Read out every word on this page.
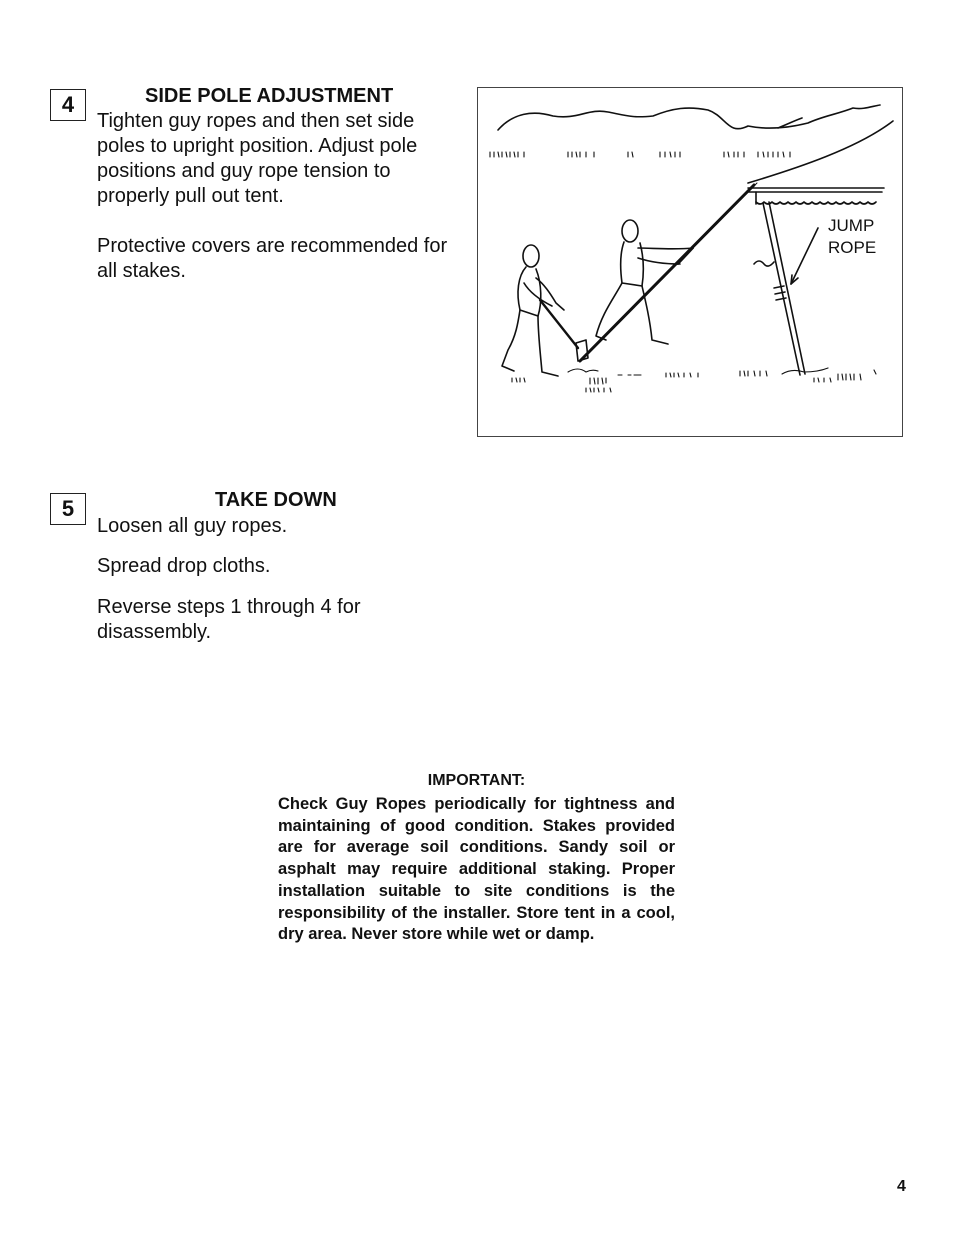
4	SIDE POLE ADJUSTMENT

Tighten guy ropes and then set side poles to upright position. Adjust pole positions and guy rope tension to properly pull out tent.

Protective covers are recommended for all stakes.

JUMP
ROPE
5	TAKE DOWN

Loosen all guy ropes.

Spread drop cloths.

Reverse steps 1 through 4 for disassembly.

IMPORTANT:

Check Guy Ropes periodically for tightness and maintaining of good condition. Stakes provided are for average soil conditions. Sandy soil or asphalt may require additional staking. Proper installation suitable to site conditions is the responsibility of the installer. Store tent in a cool, dry area. Never store while wet or damp.

4
